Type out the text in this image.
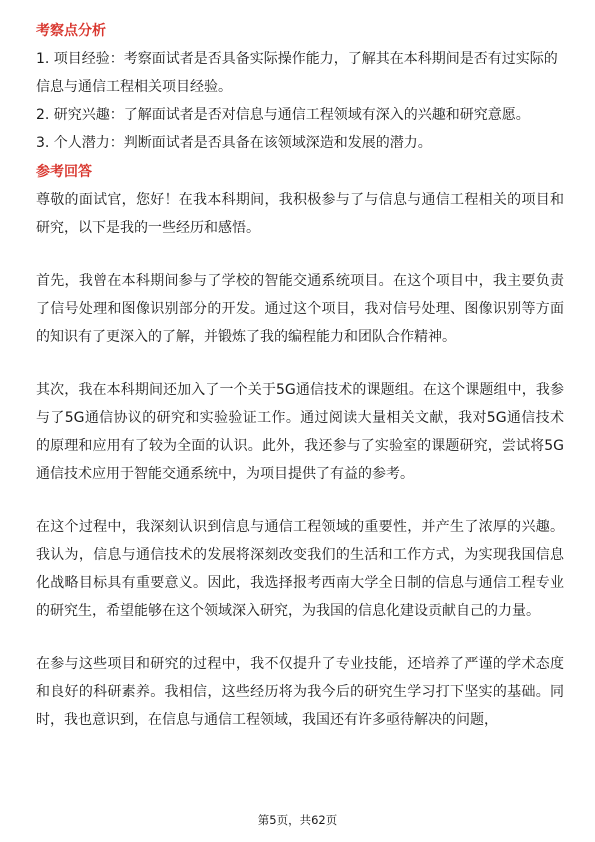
考察点分析

1. 项目经验：考察面试者是否具备实际操作能力，了解其在本科期间是否有过实际的信息与通信工程相关项目经验。

2. 研究兴趣：了解面试者是否对信息与通信工程领域有深入的兴趣和研究意愿。

3. 个人潜力：判断面试者是否具备在该领域深造和发展的潜力。

参考回答

尊敬的面试官，您好！在我本科期间，我积极参与了与信息与通信工程相关的项目和研究，以下是我的一些经历和感悟。

首先，我曾在本科期间参与了学校的智能交通系统项目。在这个项目中，我主要负责了信号处理和图像识别部分的开发。通过这个项目，我对信号处理、图像识别等方面的知识有了更深入的了解，并锻炼了我的编程能力和团队合作精神。

其次，我在本科期间还加入了一个关于5G通信技术的课题组。在这个课题组中，我参与了5G通信协议的研究和实验验证工作。通过阅读大量相关文献，我对5G通信技术的原理和应用有了较为全面的认识。此外，我还参与了实验室的课题研究，尝试将5G通信技术应用于智能交通系统中，为项目提供了有益的参考。

在这个过程中，我深刻认识到信息与通信工程领域的重要性，并产生了浓厚的兴趣。我认为，信息与通信技术的发展将深刻改变我们的生活和工作方式，为实现我国信息化战略目标具有重要意义。因此，我选择报考西南大学全日制的信息与通信工程专业的研究生，希望能够在这个领域深入研究，为我国的信息化建设贡献自己的力量。

在参与这些项目和研究的过程中，我不仅提升了专业技能，还培养了严谨的学术态度和良好的科研素养。我相信，这些经历将为我今后的研究生学习打下坚实的基础。同时，我也意识到，在信息与通信工程领域，我国还有许多亟待解决的问题，

第5页，共62页
